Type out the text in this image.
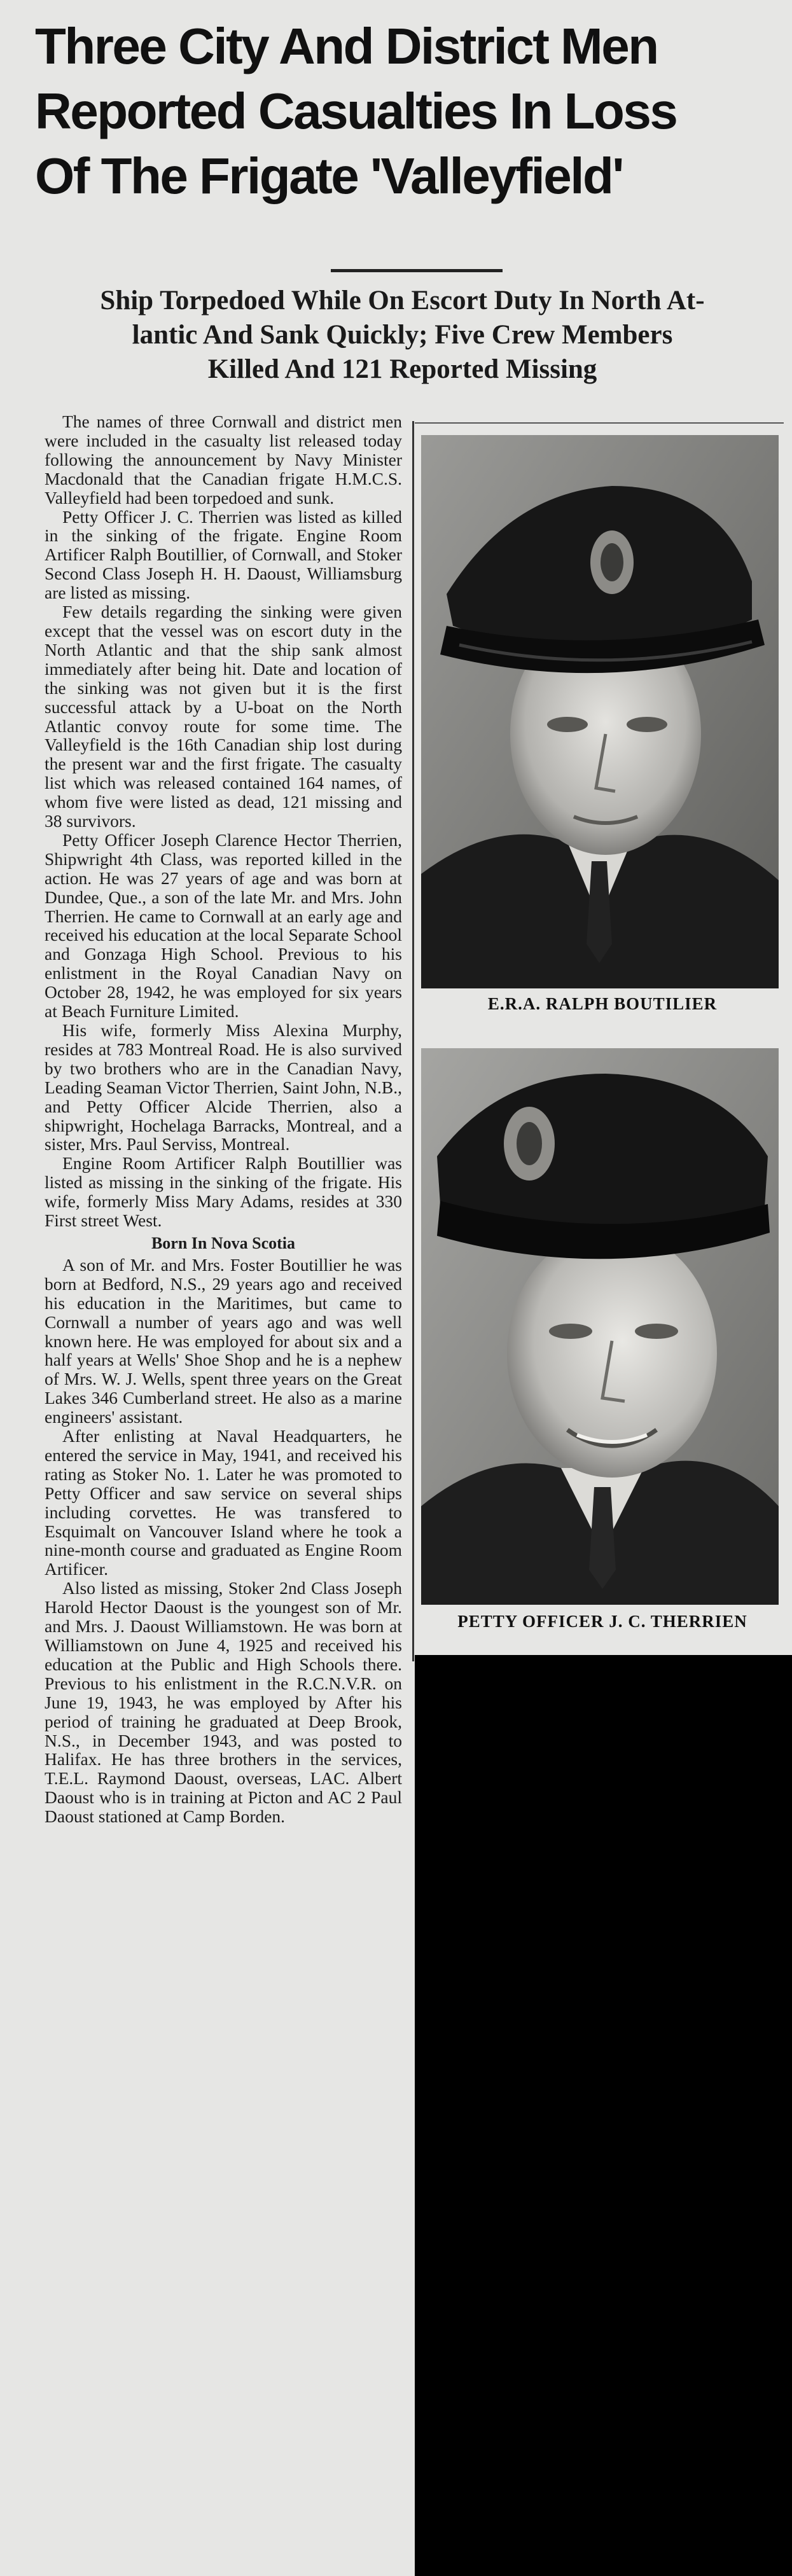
Three City And District Men
Reported Casualties In Loss
Of The Frigate 'Valleyfield'
Ship Torpedoed While On Escort Duty In North At-
lantic And Sank Quickly; Five Crew Members
Killed And 121 Reported Missing

The names of three Cornwall and district men were included in the casualty list released today following the announcement by Navy Minister Macdonald that the Canadian frigate H.M.C.S. Valleyfield had been torpedoed and sunk.

Petty Officer J. C. Therrien was listed as killed in the sinking of the frigate. Engine Room Artificer Ralph Boutillier, of Cornwall, and Stoker Second Class Joseph H. H. Daoust, Williamsburg are listed as missing.

Few details regarding the sinking were given except that the vessel was on escort duty in the North Atlantic and that the ship sank almost immediately after being hit. Date and location of the sinking was not given but it is the first successful attack by a U-boat on the North Atlantic convoy route for some time. The Valleyfield is the 16th Canadian ship lost during the present war and the first frigate. The casualty list which was released contained 164 names, of whom five were listed as dead, 121 missing and 38 survivors.

Petty Officer Joseph Clarence Hector Therrien, Shipwright 4th Class, was reported killed in the action. He was 27 years of age and was born at Dundee, Que., a son of the late Mr. and Mrs. John Therrien. He came to Cornwall at an early age and received his education at the local Separate School and Gonzaga High School. Previous to his enlistment in the Royal Canadian Navy on October 28, 1942, he was employed for six years at Beach Furniture Limited.

His wife, formerly Miss Alexina Murphy, resides at 783 Montreal Road. He is also survived by two brothers who are in the Canadian Navy, Leading Seaman Victor Therrien, Saint John, N.B., and Petty Officer Alcide Therrien, also a shipwright, Hochelaga Barracks, Montreal, and a sister, Mrs. Paul Serviss, Montreal.

Engine Room Artificer Ralph Boutillier was listed as missing in the sinking of the frigate. His wife, formerly Miss Mary Adams, resides at 330 First street West.

Born In Nova Scotia

A son of Mr. and Mrs. Foster Boutillier he was born at Bedford, N.S., 29 years ago and received his education in the Maritimes, but came to Cornwall a number of years ago and was well known here. He was employed for about six and a half years at Wells' Shoe Shop and he is a nephew of Mrs. W. J. Wells, spent three years on the Great Lakes 346 Cumberland street. He also as a marine engineers' assistant.

After enlisting at Naval Headquarters, he entered the service in May, 1941, and received his rating as Stoker No. 1. Later he was promoted to Petty Officer and saw service on several ships including corvettes. He was transfered to Esquimalt on Vancouver Island where he took a nine-month course and graduated as Engine Room Artificer.

Also listed as missing, Stoker 2nd Class Joseph Harold Hector Daoust is the youngest son of Mr. and Mrs. J. Daoust Williamstown. He was born at Williamstown on June 4, 1925 and received his education at the Public and High Schools there. Previous to his enlistment in the R.C.N.V.R. on June 19, 1943, he was employed by After his period of training he graduated at Deep Brook, N.S., in December 1943, and was posted to Halifax. He has three brothers in the services, T.E.L. Raymond Daoust, overseas, LAC. Albert Daoust who is in training at Picton and AC 2 Paul Daoust stationed at Camp Borden.

E.R.A. RALPH BOUTILIER
PETTY OFFICER J. C. THERRIEN
